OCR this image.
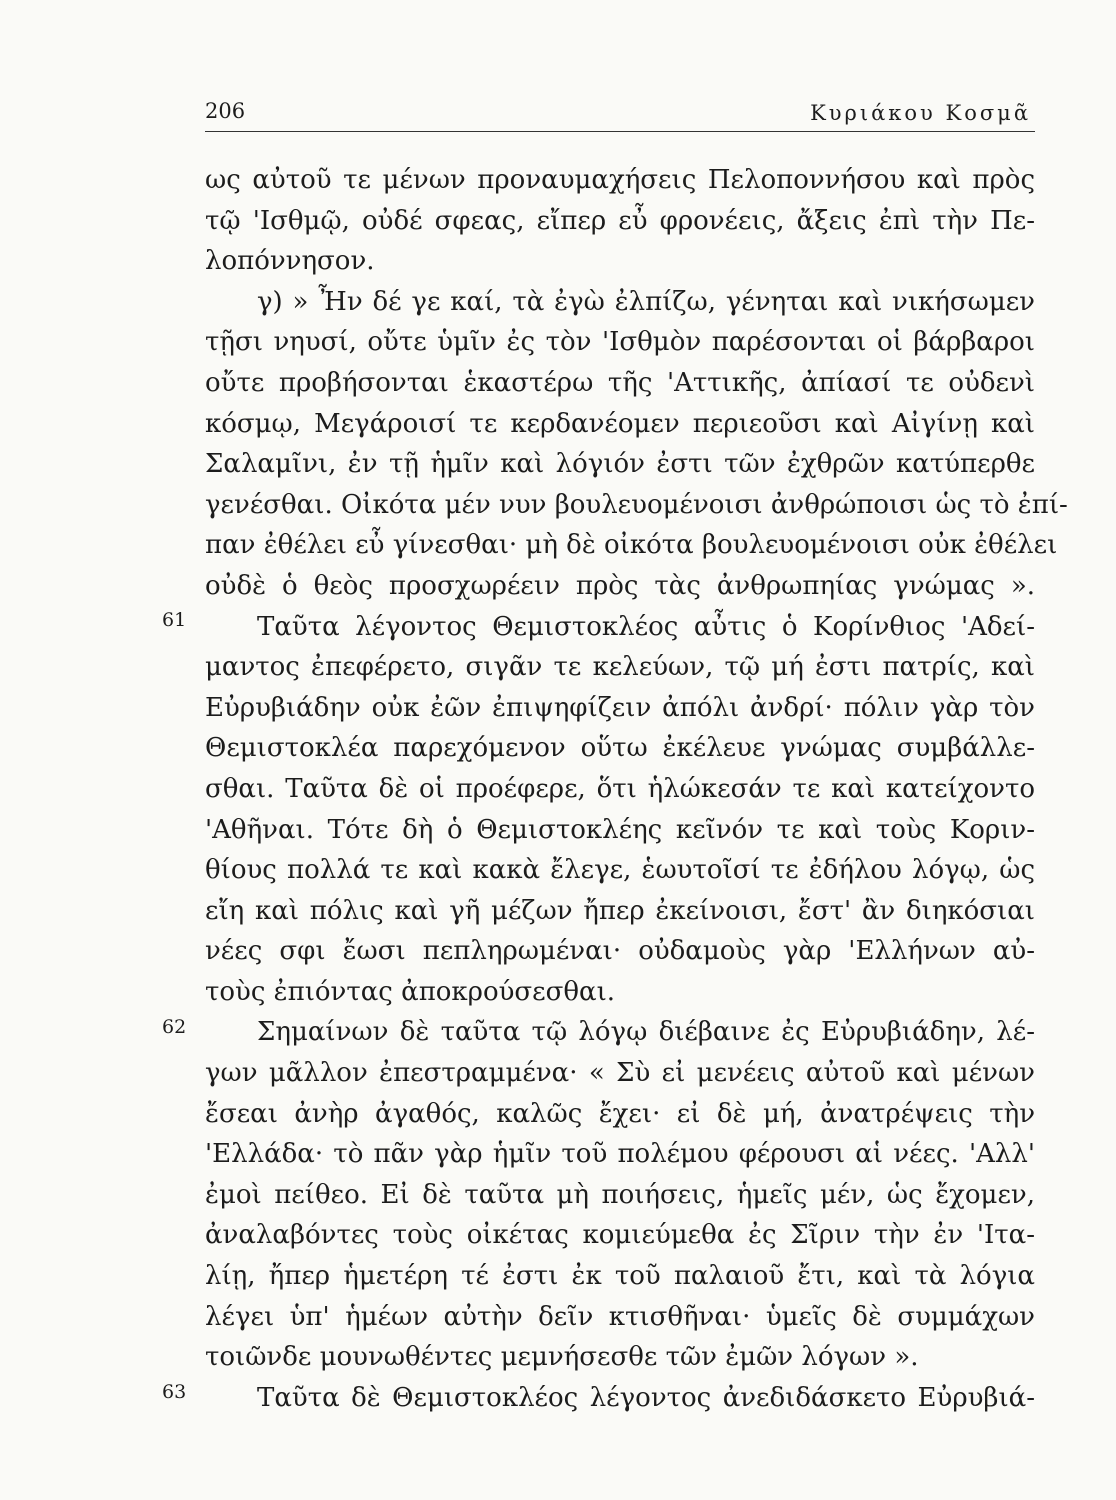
206	Κυριάκου Κοσμᾶ
ως αὐτοῦ τε μένων προναυμαχήσεις Πελοποννήσου καὶ πρὸς
τῷ 'Ισθμῷ, οὐδέ σφεας, εἴπερ εὖ φρονέεις, ἄξεις ἐπὶ τὴν Πε-
λοπόννησον.
γ) » Ἦν δέ γε καί, τὰ ἐγὼ ἐλπίζω, γένηται καὶ νικήσωμεν
τῇσι νηυσί, οὔτε ὑμῖν ἐς τὸν 'Ισθμὸν παρέσονται οἱ βάρβαροι
οὔτε προβήσονται ἑκαστέρω τῆς 'Αττικῆς, ἀπίασί τε οὐδενὶ
κόσμῳ, Μεγάροισί τε κερδανέομεν περιεοῦσι καὶ Αἰγίνῃ καὶ
Σαλαμῖνι, ἐν τῇ ἡμῖν καὶ λόγιόν ἐστι τῶν ἐχθρῶν κατύπερθε
γενέσθαι. Οἰκότα μέν νυν βουλευομένοισι ἀνθρώποισι ὡς τὸ ἐπί-
παν ἐθέλει εὖ γίνεσθαι· μὴ δὲ οἰκότα βουλευομένοισι οὐκ ἐθέλει
οὐδὲ ὁ θεὸς προσχωρέειν πρὸς τὰς ἀνθρωπηίας γνώμας ».
Ταῦτα λέγοντος Θεμιστοκλέος αὖτις ὁ Κορίνθιος 'Αδεί-
μαντος ἐπεφέρετο, σιγᾶν τε κελεύων, τῷ μή ἐστι πατρίς, καὶ
Εὐρυβιάδην οὐκ ἐῶν ἐπιψηφίζειν ἀπόλι ἀνδρί· πόλιν γὰρ τὸν
Θεμιστοκλέα παρεχόμενον οὕτω ἐκέλευε γνώμας συμβάλλε-
σθαι. Ταῦτα δὲ οἱ προέφερε, ὅτι ἡλώκεσάν τε καὶ κατείχοντο
'Αθῆναι. Τότε δὴ ὁ Θεμιστοκλέης κεῖνόν τε καὶ τοὺς Κοριν-
θίους πολλά τε καὶ κακὰ ἔλεγε, ἑωυτοῖσί τε ἐδήλου λόγῳ, ὡς
εἴη καὶ πόλις καὶ γῆ μέζων ἤπερ ἐκείνοισι, ἔστ' ἂν διηκόσιαι
νέες σφι ἔωσι πεπληρωμέναι· οὐδαμοὺς γὰρ 'Ελλήνων αὐ-
τοὺς ἐπιόντας ἀποκρούσεσθαι.
Σημαίνων δὲ ταῦτα τῷ λόγῳ διέβαινε ἐς Εὐρυβιάδην, λέ-
γων μᾶλλον ἐπεστραμμένα· « Σὺ εἰ μενέεις αὐτοῦ καὶ μένων
ἔσεαι ἀνὴρ ἀγαθός, καλῶς ἔχει· εἰ δὲ μή, ἀνατρέψεις τὴν
'Ελλάδα· τὸ πᾶν γὰρ ἡμῖν τοῦ πολέμου φέρουσι αἱ νέες. 'Αλλ'
ἐμοὶ πείθεο. Εἰ δὲ ταῦτα μὴ ποιήσεις, ἡμεῖς μέν, ὡς ἔχομεν,
ἀναλαβόντες τοὺς οἰκέτας κομιεύμεθα ἐς Σῖριν τὴν ἐν 'Ιτα-
λίῃ, ἤπερ ἡμετέρη τέ ἐστι ἐκ τοῦ παλαιοῦ ἔτι, καὶ τὰ λόγια
λέγει ὑπ' ἡμέων αὐτὴν δεῖν κτισθῆναι· ὑμεῖς δὲ συμμάχων
τοιῶνδε μουνωθέντες μεμνήσεσθε τῶν ἐμῶν λόγων ».
Ταῦτα δὲ Θεμιστοκλέος λέγοντος ἀνεδιδάσκετο Εὐρυβιά-
61
62
63
